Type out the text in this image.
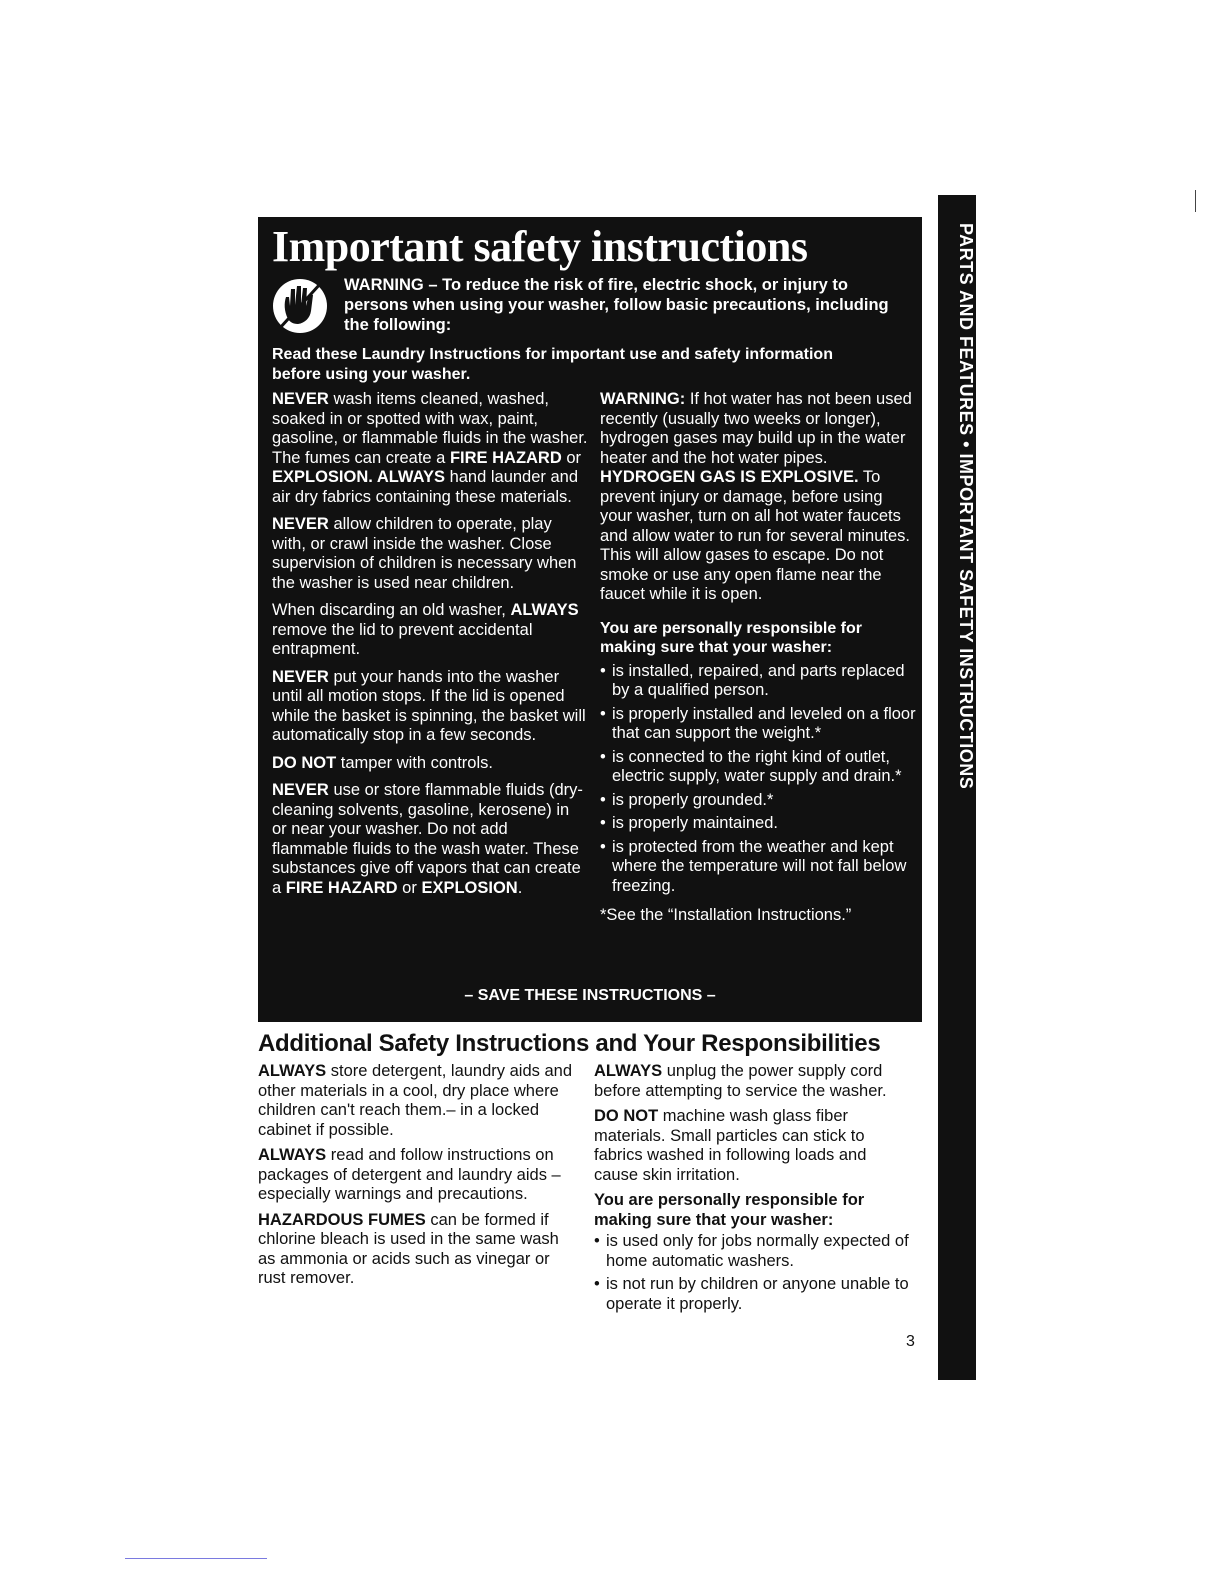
PARTS AND FEATURES • IMPORTANT SAFETY INSTRUCTIONS
Important safety instructions
WARNING – To reduce the risk of fire, electric shock, or injury to persons when using your washer, follow basic precautions, including the following:
Read these Laundry Instructions for important use and safety information before using your washer.

NEVER wash items cleaned, washed, soaked in or spotted with wax, paint, gasoline, or flammable fluids in the washer. The fumes can create a FIRE HAZARD or EXPLOSION. ALWAYS hand launder and air dry fabrics containing these materials.

NEVER allow children to operate, play with, or crawl inside the washer. Close supervision of children is necessary when the washer is used near children.

When discarding an old washer, ALWAYS remove the lid to prevent accidental entrapment.

NEVER put your hands into the washer until all motion stops. If the lid is opened while the basket is spinning, the basket will automatically stop in a few seconds.

DO NOT tamper with controls.

NEVER use or store flammable fluids (dry-cleaning solvents, gasoline, kerosene) in or near your washer. Do not add flammable fluids to the wash water. These substances give off vapors that can create a FIRE HAZARD or EXPLOSION.

WARNING: If hot water has not been used recently (usually two weeks or longer), hydrogen gases may build up in the water heater and the hot water pipes. HYDROGEN GAS IS EXPLOSIVE. To prevent injury or damage, before using your washer, turn on all hot water faucets and allow water to run for several minutes. This will allow gases to escape. Do not smoke or use any open flame near the faucet while it is open.

You are personally responsible for making sure that your washer:
• is installed, repaired, and parts replaced by a qualified person.
• is properly installed and leveled on a floor that can support the weight.*
• is connected to the right kind of outlet, electric supply, water supply and drain.*
• is properly grounded.*
• is properly maintained.
• is protected from the weather and kept where the temperature will not fall below freezing.

*See the “Installation Instructions.”

– SAVE THESE INSTRUCTIONS –
Additional Safety Instructions and Your Responsibilities

ALWAYS store detergent, laundry aids and other materials in a cool, dry place where children can't reach them.– in a locked cabinet if possible.

ALWAYS read and follow instructions on packages of detergent and laundry aids – especially warnings and precautions.

HAZARDOUS FUMES can be formed if chlorine bleach is used in the same wash as ammonia or acids such as vinegar or rust remover.

ALWAYS unplug the power supply cord before attempting to service the washer.

DO NOT machine wash glass fiber materials. Small particles can stick to fabrics washed in following loads and cause skin irritation.

You are personally responsible for making sure that your washer:
• is used only for jobs normally expected of home automatic washers.
• is not run by children or anyone unable to operate it properly.
3
